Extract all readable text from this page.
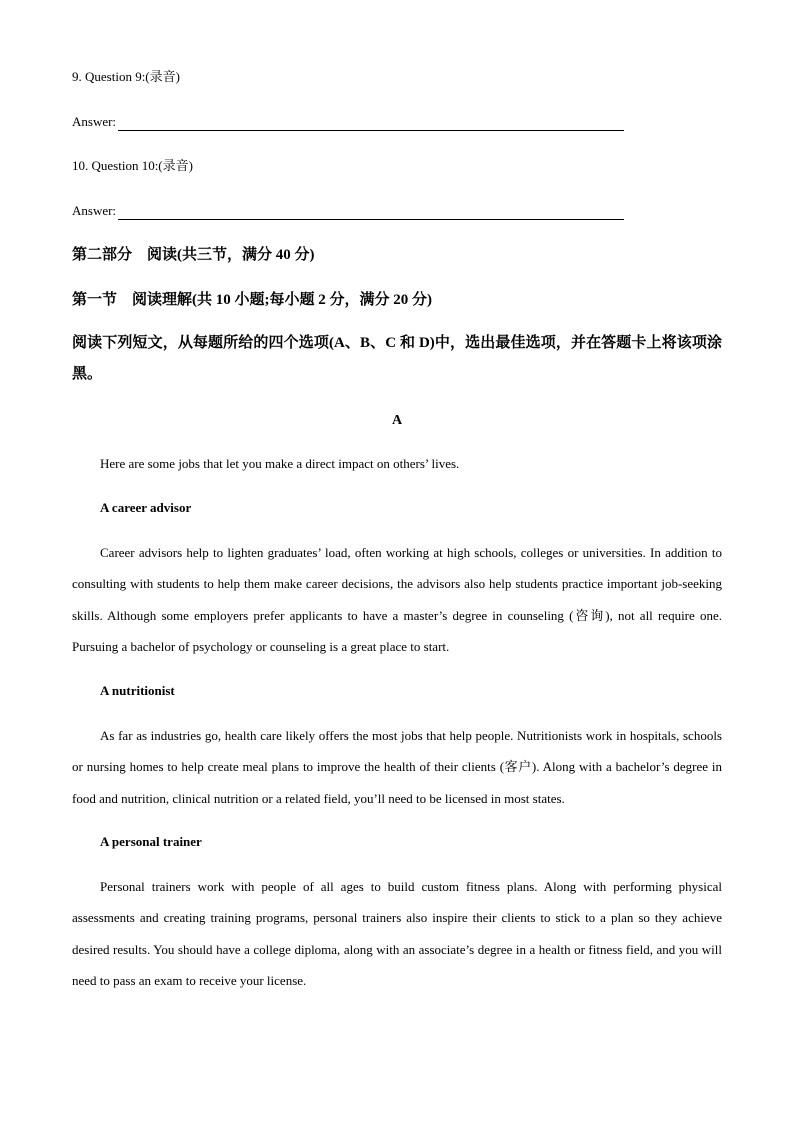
9. Question 9:(录音)
Answer:
10. Question 10:(录音)
Answer:
第二部分　阅读(共三节，满分 40 分)
第一节　阅读理解(共 10 小题;每小题 2 分，满分 20 分)
阅读下列短文，从每题所给的四个选项(A、B、C 和 D)中，选出最佳选项，并在答题卡上将该项涂黑。
A
Here are some jobs that let you make a direct impact on others’ lives.
A career advisor
Career advisors help to lighten graduates’ load, often working at high schools, colleges or universities. In addition to consulting with students to help them make career decisions, the advisors also help students practice important job-seeking skills. Although some employers prefer applicants to have a master’s degree in counseling (咨询), not all require one. Pursuing a bachelor of psychology or counseling is a great place to start.
A nutritionist
As far as industries go, health care likely offers the most jobs that help people. Nutritionists work in hospitals, schools or nursing homes to help create meal plans to improve the health of their clients (客户). Along with a bachelor’s degree in food and nutrition, clinical nutrition or a related field, you’ll need to be licensed in most states.
A personal trainer
Personal trainers work with people of all ages to build custom fitness plans. Along with performing physical assessments and creating training programs, personal trainers also inspire their clients to stick to a plan so they achieve desired results. You should have a college diploma, along with an associate’s degree in a health or fitness field, and you will need to pass an exam to receive your license.
